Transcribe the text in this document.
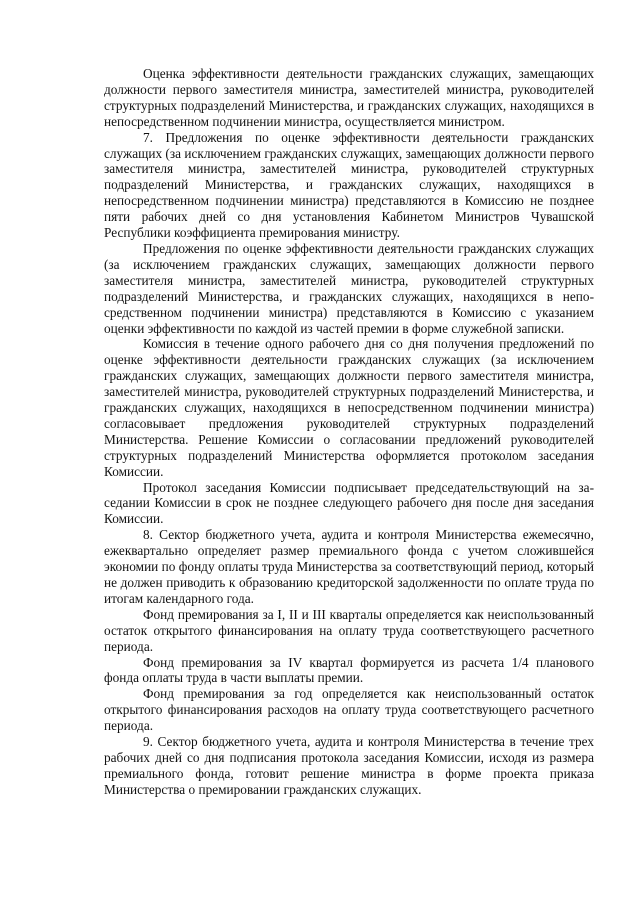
Оценка эффективности деятельности гражданских служащих, замещающих должности первого заместителя министра, заместителей министра, руководителей структурных подразделений Министерства, и гражданских служащих, находящихся в непосредственном подчинении министра, осуществляется министром.

7. Предложения по оценке эффективности деятельности гражданских служащих (за исключением гражданских служащих, замещающих должности первого заместителя министра, заместителей министра, руководителей структурных подразделений Министерства, и гражданских служащих, находящихся в непосредственном подчинении министра) представляются в Комиссию не позднее пяти рабочих дней со дня установления Кабинетом Министров Чувашской Республики коэффициента премирования министру.

Предложения по оценке эффективности деятельности гражданских служащих (за исключением гражданских служащих, замещающих должности первого заместителя министра, заместителей министра, руководителей структурных подразделений Министерства, и гражданских служащих, находящихся в непосредственном подчинении министра) представляются в Комиссию с указанием оценки эффективности по каждой из частей премии в форме служебной записки.

Комиссия в течение одного рабочего дня со дня получения предложений по оценке эффективности деятельности гражданских служащих (за исключением гражданских служащих, замещающих должности первого заместителя министра, заместителей министра, руководителей структурных подразделений Министерства, и гражданских служащих, находящихся в непосредственном подчинении министра) согласовывает предложения руководителей структурных подразделений Министерства. Решение Комиссии о согласовании предложений руководителей структурных подразделений Министерства оформляется протоколом заседания Комиссии.

Протокол заседания Комиссии подписывает председательствующий на заседании Комиссии в срок не позднее следующего рабочего дня после дня заседания Комиссии.

8. Сектор бюджетного учета, аудита и контроля Министерства ежемесячно, ежеквартально определяет размер премиального фонда с учетом сложившейся экономии по фонду оплаты труда Министерства за соответствующий период, который не должен приводить к образованию кредиторской задолженности по оплате труда по итогам календарного года.

Фонд премирования за I, II и III кварталы определяется как неиспользованный остаток открытого финансирования на оплату труда соответствующего расчетного периода.

Фонд премирования за IV квартал формируется из расчета 1/4 планового фонда оплаты труда в части выплаты премии.

Фонд премирования за год определяется как неиспользованный остаток открытого финансирования расходов на оплату труда соответствующего расчетного периода.

9. Сектор бюджетного учета, аудита и контроля Министерства в течение трех рабочих дней со дня подписания протокола заседания Комиссии, исходя из размера премиального фонда, готовит решение министра в форме проекта приказа Министерства о премировании гражданских служащих.
